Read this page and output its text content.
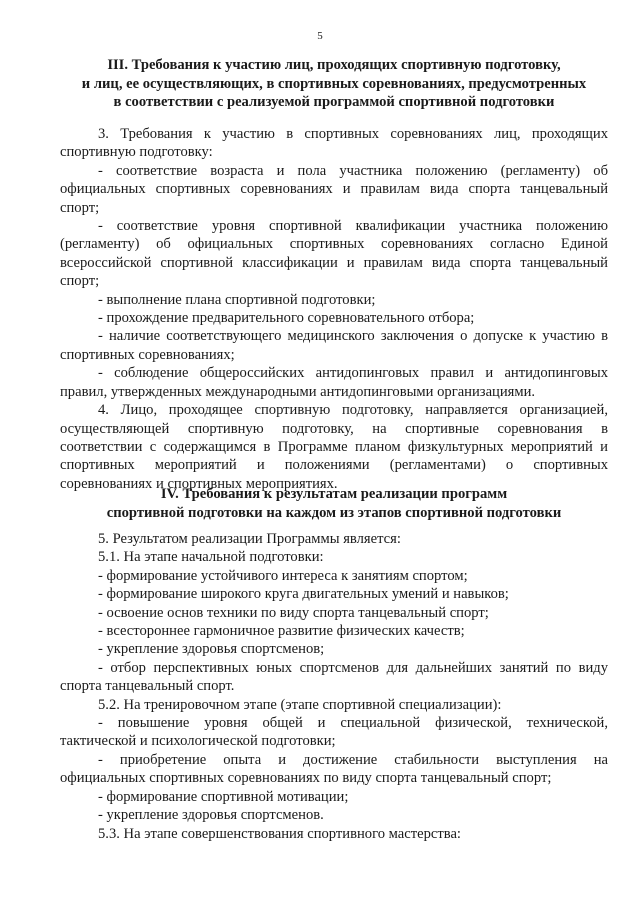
5
III. Требования к участию лиц, проходящих спортивную подготовку,
и лиц, ее осуществляющих, в спортивных соревнованиях, предусмотренных
в соответствии с реализуемой программой спортивной подготовки

3. Требования к участию в спортивных соревнованиях лиц, проходящих
спортивную подготовку:

- соответствие возраста и пола участника положению (регламенту) об
официальных спортивных соревнованиях и правилам вида спорта танцевальный
спорт;

- соответствие уровня спортивной квалификации участника положению
(регламенту) об официальных спортивных соревнованиях согласно Единой
всероссийской спортивной классификации и правилам вида спорта танцевальный
спорт;

- выполнение плана спортивной подготовки;
- прохождение предварительного соревновательного отбора;

- наличие соответствующего медицинского заключения о допуске к участию в
спортивных соревнованиях;

- соблюдение общероссийских антидопинговых правил и антидопинговых
правил, утвержденных международными антидопинговыми организациями.

4. Лицо, проходящее спортивную подготовку, направляется организацией,
осуществляющей спортивную подготовку, на спортивные соревнования в
соответствии с содержащимся в Программе планом физкультурных мероприятий и
спортивных мероприятий и положениями (регламентами) о спортивных
соревнованиях и спортивных мероприятиях.

IV. Требования к результатам реализации программ
спортивной подготовки на каждом из этапов спортивной подготовки
5. Результатом реализации Программы является:
5.1. На этапе начальной подготовки:
- формирование устойчивого интереса к занятиям спортом;
- формирование широкого круга двигательных умений и навыков;
- освоение основ техники по виду спорта танцевальный спорт;
- всестороннее гармоничное развитие физических качеств;
- укрепление здоровья спортсменов;

- отбор перспективных юных спортсменов для дальнейших занятий по виду
спорта танцевальный спорт.

5.2. На тренировочном этапе (этапе спортивной специализации):

- повышение уровня общей и специальной физической, технической,
тактической и психологической подготовки;

- приобретение опыта и достижение стабильности выступления на
официальных спортивных соревнованиях по виду спорта танцевальный спорт;

- формирование спортивной мотивации;
- укрепление здоровья спортсменов.
5.3. На этапе совершенствования спортивного мастерства:
